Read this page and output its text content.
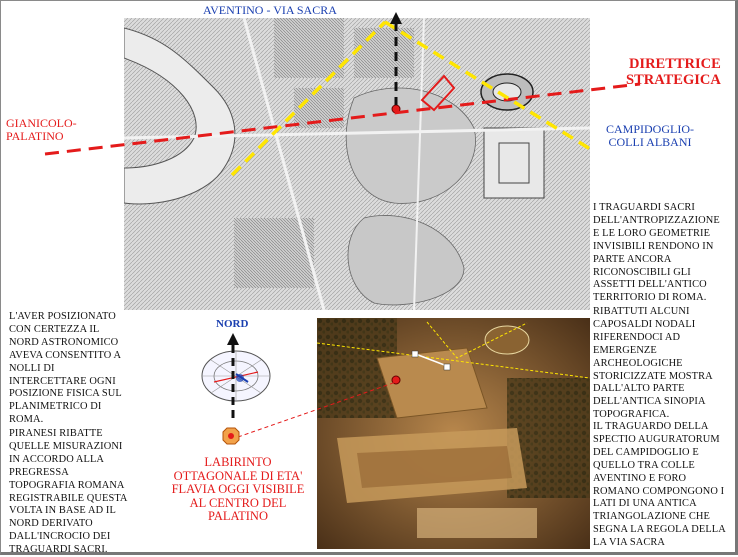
AVENTINO - VIA SACRA
GIANICOLO-
PALATINO
DIRETTRICE
STRATEGICA
CAMPIDOGLIO-
COLLI ALBANI
NORD
LABIRINTO
OTTAGONALE DI ETA'
FLAVIA OGGI VISIBILE
AL CENTRO DEL
PALATINO
I TRAGUARDI SACRI
DELL'ANTROPIZZAZIONE
E LE LORO GEOMETRIE
INVISIBILI RENDONO IN
PARTE ANCORA
RICONOSCIBILI GLI
ASSETTI DELL'ANTICO
TERRITORIO DI ROMA.
RIBATTUTI ALCUNI
CAPOSALDI NODALI
RIFERENDOCI AD
EMERGENZE
ARCHEOLOGICHE
STORICIZZATE MOSTRA
DALL'ALTO PARTE
DELL'ANTICA SINOPIA
TOPOGRAFICA.
IL TRAGUARDO DELLA
SPECTIO AUGURATORUM
DEL CAMPIDOGLIO E
QUELLO TRA COLLE
AVENTINO E FORO
ROMANO COMPONGONO I
LATI DI UNA ANTICA
TRIANGOLAZIONE CHE
SEGNA LA REGOLA DELLA
LA VIA SACRA
L'AVER POSIZIONATO
CON CERTEZZA IL
NORD ASTRONOMICO
AVEVA CONSENTITO A
NOLLI DI
INTERCETTARE OGNI
POSIZIONE FISICA SUL
PLANIMETRICO DI
ROMA.
PIRANESI RIBATTE
QUELLE MISURAZIONI
IN ACCORDO ALLA
PREGRESSA
TOPOGRAFIA ROMANA
REGISTRABILE QUESTA
VOLTA IN BASE AD IL
NORD DERIVATO
DALL'INCROCIO DEI
TRAGUARDI SACRI.
